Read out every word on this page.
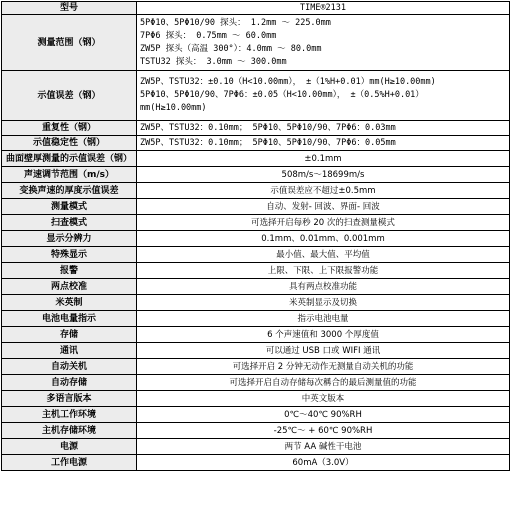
型号	TIME®2131
测量范围（钢）	5PΦ10、5PΦ10/90 探头： 1.2mm ～ 225.0mm
7PΦ6 探头： 0.75mm ～ 60.0mm
ZW5P 探头（高温 300°）：4.0mm ～ 80.0mm
TSTU32 探头： 3.0mm ～ 300.0mm

示值误差（钢）	ZW5P、TSTU32：±0.10（H<10.00mm）， ±（1%H+0.01）mm(H≥10.00mm)
5PΦ10、5PΦ10/90、7PΦ6：±0.05（H<10.00mm）， ±（0.5%H+0.01）
mm(H≥10.00mm)

重复性（钢）	ZW5P、TSTU32：0.10mm； 5PΦ10、5PΦ10/90、7PΦ6：0.03mm
示值稳定性（钢）	ZW5P、TSTU32：0.10mm； 5PΦ10、5PΦ10/90、7PΦ6：0.05mm
曲面壁厚测量的示值误差（钢）	±0.1mm
声速调节范围（m/s）	508m/s～18699m/s
变换声速的厚度示值误差	示值误差应不超过±0.5mm
测量模式	自动、发射- 回波、界面- 回波
扫查模式	可选择开启每秒 20 次的扫查测量模式
显示分辨力	0.1mm、0.01mm、0.001mm
特殊显示	最小值、最大值、平均值
报警	上限、下限、上下限报警功能
两点校准	具有两点校准功能
米英制	米英制显示及切换
电池电量指示	指示电池电量
存储	6 个声速值和 3000 个厚度值
通讯	可以通过 USB 口或 WIFI 通讯
自动关机	可选择开启 2 分钟无动作无测量自动关机的功能
自动存储	可选择开启自动存储每次稱合的最后测量值的功能
多语言版本	中英文版本
主机工作环境	0℃～40℃ 90%RH
主机存储环境	-25℃～ + 60℃ 90%RH
电源	两节 AA 碱性干电池
工作电源	60mA（3.0V）
